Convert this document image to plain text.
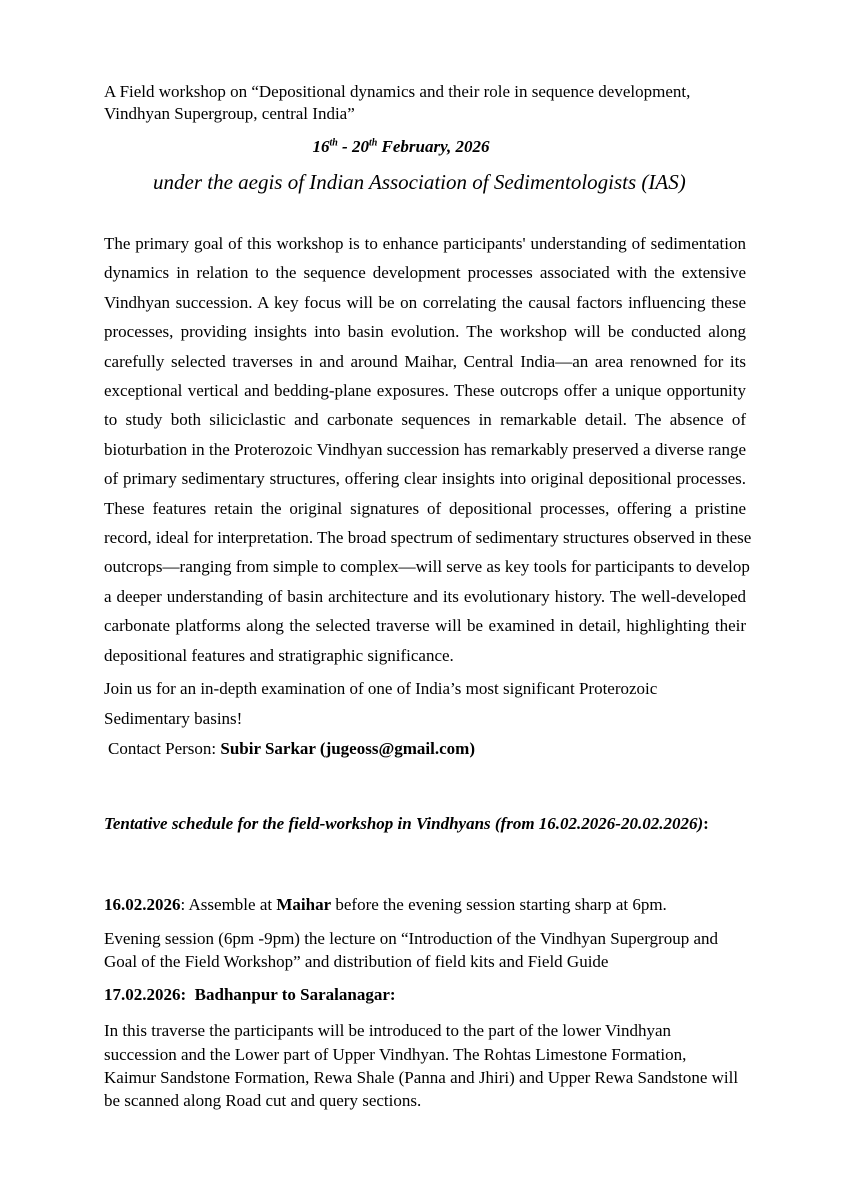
A Field workshop on “Depositional dynamics and their role in sequence development,
Vindhyan Supergroup, central India”
16th - 20th February, 2026
under the aegis of Indian Association of Sedimentologists (IAS)
The primary goal of this workshop is to enhance participants' understanding of sedimentation
dynamics in relation to the sequence development processes associated with the extensive
Vindhyan succession. A key focus will be on correlating the causal factors influencing these
processes, providing insights into basin evolution. The workshop will be conducted along
carefully selected traverses in and around Maihar, Central India—an area renowned for its
exceptional vertical and bedding-plane exposures. These outcrops offer a unique opportunity
to study both siliciclastic and carbonate sequences in remarkable detail. The absence of
bioturbation in the Proterozoic Vindhyan succession has remarkably preserved a diverse range
of primary sedimentary structures, offering clear insights into original depositional processes.
These features retain the original signatures of depositional processes, offering a pristine
record, ideal for interpretation. The broad spectrum of sedimentary structures observed in these
outcrops—ranging from simple to complex—will serve as key tools for participants to develop
a deeper understanding of basin architecture and its evolutionary history. The well-developed
carbonate platforms along the selected traverse will be examined in detail, highlighting their
depositional features and stratigraphic significance.
Join us for an in-depth examination of one of India’s most significant Proterozoic
Sedimentary basins!
Contact Person: Subir Sarkar (jugeoss@gmail.com)
Tentative schedule for the field-workshop in Vindhyans (from 16.02.2026-20.02.2026):
16.02.2026: Assemble at Maihar before the evening session starting sharp at 6pm.
Evening session (6pm -9pm) the lecture on “Introduction of the Vindhyan Supergroup and
Goal of the Field Workshop” and distribution of field kits and Field Guide
17.02.2026:  Badhanpur to Saralanagar:
In this traverse the participants will be introduced to the part of the lower Vindhyan
succession and the Lower part of Upper Vindhyan. The Rohtas Limestone Formation,
Kaimur Sandstone Formation, Rewa Shale (Panna and Jhiri) and Upper Rewa Sandstone will
be scanned along Road cut and query sections.
